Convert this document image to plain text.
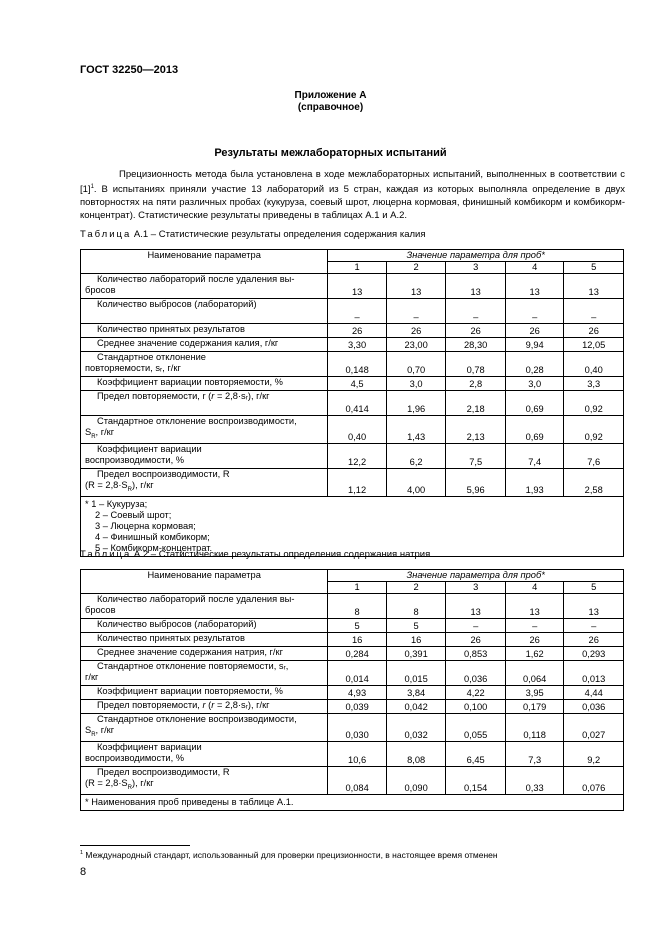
ГОСТ 32250—2013
Приложение А
(справочное)
Результаты межлабораторных испытаний

Прецизионность метода была установлена в ходе межлабораторных испытаний, выполненных в соответствии с $[1]^1$. В испытаниях приняли участие 13 лабораторий из 5 стран, каждая из которых выполняла определение в двух повторностях на пяти различных пробах (кукуруза, соевый шрот, люцерна кормовая, финишный комбикорм и комбикорм-концентрат). Статистические результаты приведены в таблицах А.1 и А.2.

Таблица А.1 – Статистические результаты определения содержания калия
Наименование параметра	Значение параметра для проб*				
	1	2	3	4	5

Количество лабораторий после удаления вы-
бросов	13	13	13	13	13

Количество выбросов (лабораторий)	–	–	–	–	–

Количество принятых результатов	26	26	26	26	26

Среднее значение содержания калия, г/кг	3,30	23,00	28,30	9,94	12,05

Стандартное отклонение
повторяемости, sᵣ, г/кг	0,148	0,70	0,78	0,28	0,40

Коэффициент вариации повторяемости, %	4,5	3,0	2,8	3,0	3,3

Предел повторяемости, r (r = 2,8·sᵣ), г/кг	0,414	1,96	2,18	0,69	0,92

Стандартное отклонение воспроизводимости,
$S_R$, г/кг	0,40	1,43	2,13	0,69	0,92

Коэффициент вариации
воспроизводимости, %	12,2	6,2	7,5	7,4	7,6

Предел воспроизводимости, R
$(R = 2,8\cdot S_R)$, г/кг	1,12	4,00	5,96	1,93	2,58

* 1 – Кукуруза;
2 – Соевый шрот;
3 – Люцерна кормовая;
4 – Финишный комбикорм;
5 – Комбикорм-концентрат.					
Таблица А.2 – Статистические результаты определения содержания натрия
Наименование параметра	Значение параметра для проб*				
	1	2	3	4	5

Количество лабораторий после удаления вы-
бросов	8	8	13	13	13

Количество выбросов (лабораторий)	5	5	–	–	–

Количество принятых результатов	16	16	26	26	26

Среднее значение содержания натрия, г/кг	0,284	0,391	0,853	1,62	0,293

Стандартное отклонение повторяемости, sᵣ,
г/кг	0,014	0,015	0,036	0,064	0,013

Коэффициент вариации повторяемости, %	4,93	3,84	4,22	3,95	4,44

Предел повторяемости, r (r = 2,8·sᵣ), г/кг	0,039	0,042	0,100	0,179	0,036

Стандартное отклонение воспроизводимости,
$S_R$, г/кг	0,030	0,032	0,055	0,118	0,027

Коэффициент вариации
воспроизводимости, %	10,6	8,08	6,45	7,3	9,2

Предел воспроизводимости, R
$(R = 2,8\cdot S_R)$, г/кг	0,084	0,090	0,154	0,33	0,076

* Наименования проб приведены в таблице А.1.					
$^1$ Международный стандарт, использованный для проверки прецизионности, в настоящее время отменен
8
